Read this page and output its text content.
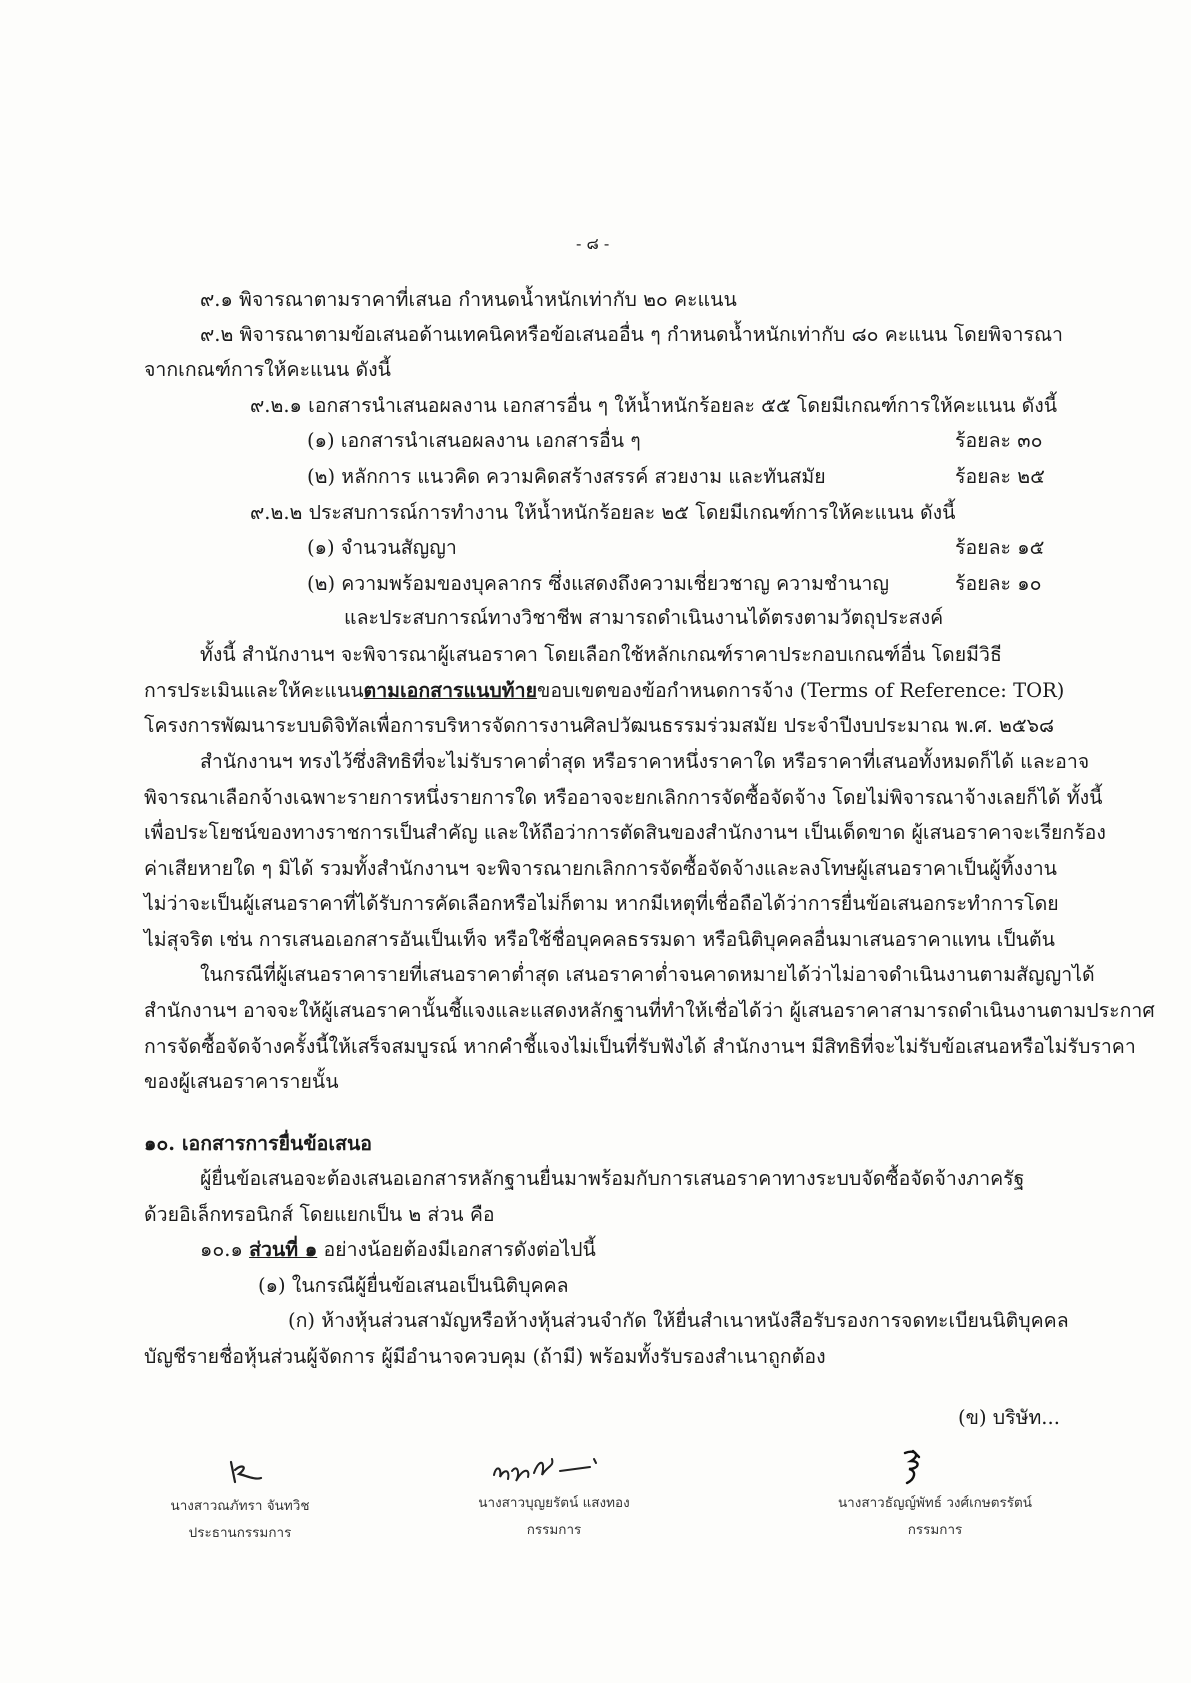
- ๘ -
๙.๑ พิจารณาตามราคาที่เสนอ กำหนดน้ำหนักเท่ากับ ๒๐ คะแนน
๙.๒ พิจารณาตามข้อเสนอด้านเทคนิคหรือข้อเสนออื่น ๆ กำหนดน้ำหนักเท่ากับ ๘๐ คะแนน โดยพิจารณา
จากเกณฑ์การให้คะแนน ดังนี้
๙.๒.๑ เอกสารนำเสนอผลงาน เอกสารอื่น ๆ ให้น้ำหนักร้อยละ ๕๕ โดยมีเกณฑ์การให้คะแนน ดังนี้
(๑) เอกสารนำเสนอผลงาน เอกสารอื่น ๆ	ร้อยละ ๓๐
(๒) หลักการ แนวคิด ความคิดสร้างสรรค์ สวยงาม และทันสมัย	ร้อยละ ๒๕
๙.๒.๒ ประสบการณ์การทำงาน ให้น้ำหนักร้อยละ ๒๕ โดยมีเกณฑ์การให้คะแนน ดังนี้
(๑) จำนวนสัญญา	ร้อยละ ๑๕
(๒) ความพร้อมของบุคลากร ซึ่งแสดงถึงความเชี่ยวชาญ ความชำนาญ	ร้อยละ ๑๐
และประสบการณ์ทางวิชาชีพ สามารถดำเนินงานได้ตรงตามวัตถุประสงค์
ทั้งนี้ สำนักงานฯ จะพิจารณาผู้เสนอราคา โดยเลือกใช้หลักเกณฑ์ราคาประกอบเกณฑ์อื่น โดยมีวิธี
การประเมินและให้คะแนนตามเอกสารแนบท้ายขอบเขตของข้อกำหนดการจ้าง (Terms of Reference: TOR)
โครงการพัฒนาระบบดิจิทัลเพื่อการบริหารจัดการงานศิลปวัฒนธรรมร่วมสมัย ประจำปีงบประมาณ พ.ศ. ๒๕๖๘
สำนักงานฯ ทรงไว้ซึ่งสิทธิที่จะไม่รับราคาต่ำสุด หรือราคาหนึ่งราคาใด หรือราคาที่เสนอทั้งหมดก็ได้ และอาจ
พิจารณาเลือกจ้างเฉพาะรายการหนึ่งรายการใด หรืออาจจะยกเลิกการจัดซื้อจัดจ้าง โดยไม่พิจารณาจ้างเลยก็ได้ ทั้งนี้
เพื่อประโยชน์ของทางราชการเป็นสำคัญ และให้ถือว่าการตัดสินของสำนักงานฯ เป็นเด็ดขาด ผู้เสนอราคาจะเรียกร้อง
ค่าเสียหายใด ๆ มิได้ รวมทั้งสำนักงานฯ จะพิจารณายกเลิกการจัดซื้อจัดจ้างและลงโทษผู้เสนอราคาเป็นผู้ทิ้งงาน
ไม่ว่าจะเป็นผู้เสนอราคาที่ได้รับการคัดเลือกหรือไม่ก็ตาม หากมีเหตุที่เชื่อถือได้ว่าการยื่นข้อเสนอกระทำการโดย
ไม่สุจริต เช่น การเสนอเอกสารอันเป็นเท็จ หรือใช้ชื่อบุคคลธรรมดา หรือนิติบุคคลอื่นมาเสนอราคาแทน เป็นต้น
ในกรณีที่ผู้เสนอราคารายที่เสนอราคาต่ำสุด เสนอราคาต่ำจนคาดหมายได้ว่าไม่อาจดำเนินงานตามสัญญาได้
สำนักงานฯ อาจจะให้ผู้เสนอราคานั้นชี้แจงและแสดงหลักฐานที่ทำให้เชื่อได้ว่า ผู้เสนอราคาสามารถดำเนินงานตามประกาศ
การจัดซื้อจัดจ้างครั้งนี้ให้เสร็จสมบูรณ์ หากคำชี้แจงไม่เป็นที่รับฟังได้ สำนักงานฯ มีสิทธิที่จะไม่รับข้อเสนอหรือไม่รับราคา
ของผู้เสนอราคารายนั้น
๑๐. เอกสารการยื่นข้อเสนอ
ผู้ยื่นข้อเสนอจะต้องเสนอเอกสารหลักฐานยื่นมาพร้อมกับการเสนอราคาทางระบบจัดซื้อจัดจ้างภาครัฐ
ด้วยอิเล็กทรอนิกส์ โดยแยกเป็น ๒ ส่วน คือ
๑๐.๑ ส่วนที่ ๑ อย่างน้อยต้องมีเอกสารดังต่อไปนี้
(๑) ในกรณีผู้ยื่นข้อเสนอเป็นนิติบุคคล
(ก) ห้างหุ้นส่วนสามัญหรือห้างหุ้นส่วนจำกัด ให้ยื่นสำเนาหนังสือรับรองการจดทะเบียนนิติบุคคล
บัญชีรายชื่อหุ้นส่วนผู้จัดการ ผู้มีอำนาจควบคุม (ถ้ามี) พร้อมทั้งรับรองสำเนาถูกต้อง
(ข) บริษัท...
นางสาวณภัทรา จันทวิช
ประธานกรรมการ
นางสาวบุญยรัตน์ แสงทอง
กรรมการ
นางสาวธัญญ์พัทธ์ วงศ์เกษตรรัตน์
กรรมการ
